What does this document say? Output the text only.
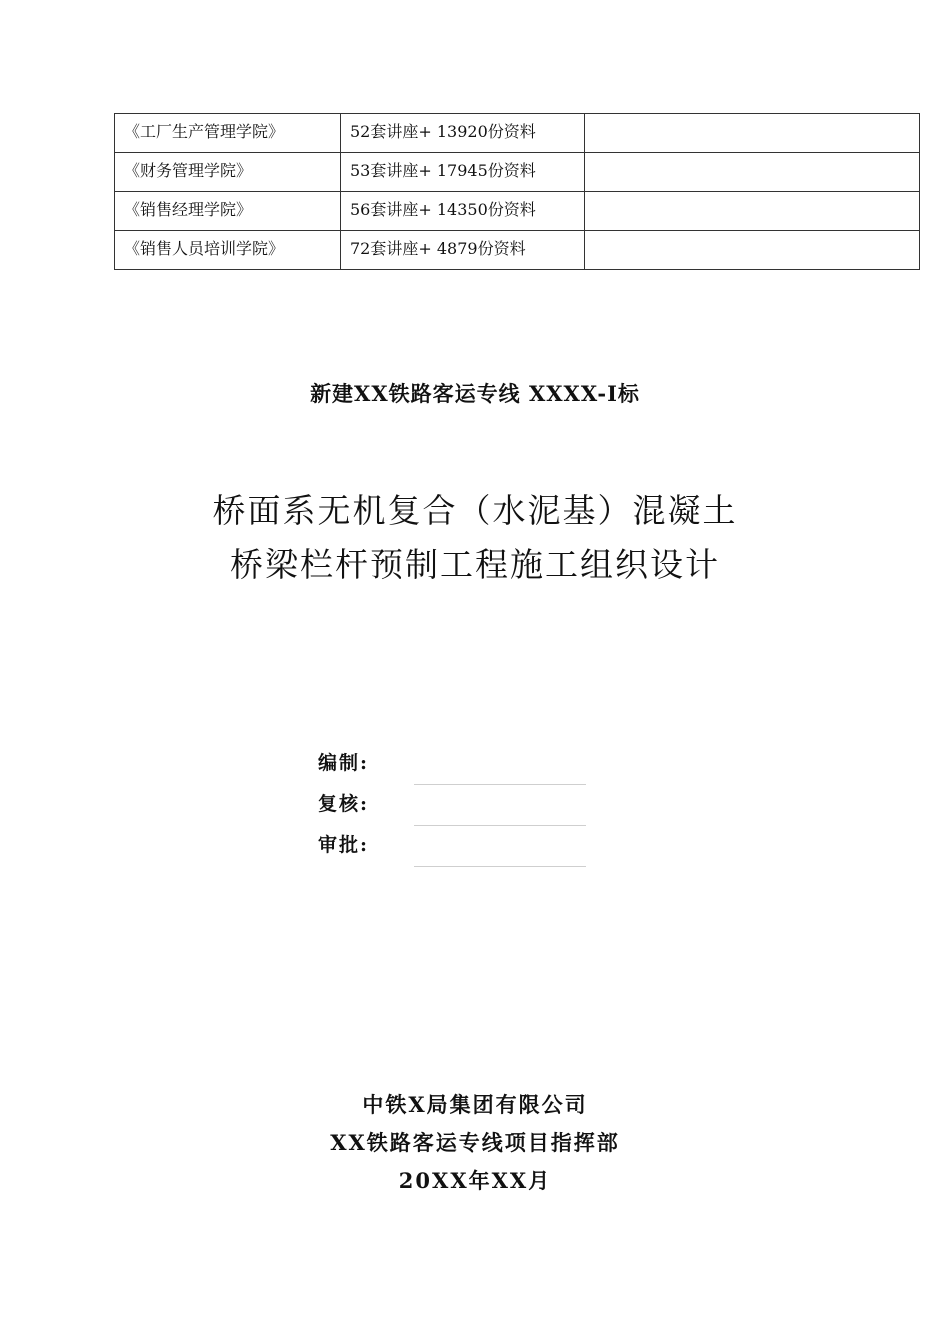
《工厂生产管理学院》	52套讲座+ 13920份资料	

《财务管理学院》	53套讲座+ 17945份资料	

《销售经理学院》	56套讲座+ 14350份资料	

《销售人员培训学院》	72套讲座+ 4879份资料	

新建XX铁路客运专线 XXXX-I标
桥面系无机复合（水泥基）混凝土
桥梁栏杆预制工程施工组织设计
编制:
复核:
审批:
中铁X局集团有限公司
XX铁路客运专线项目指挥部
20XX年XX月
